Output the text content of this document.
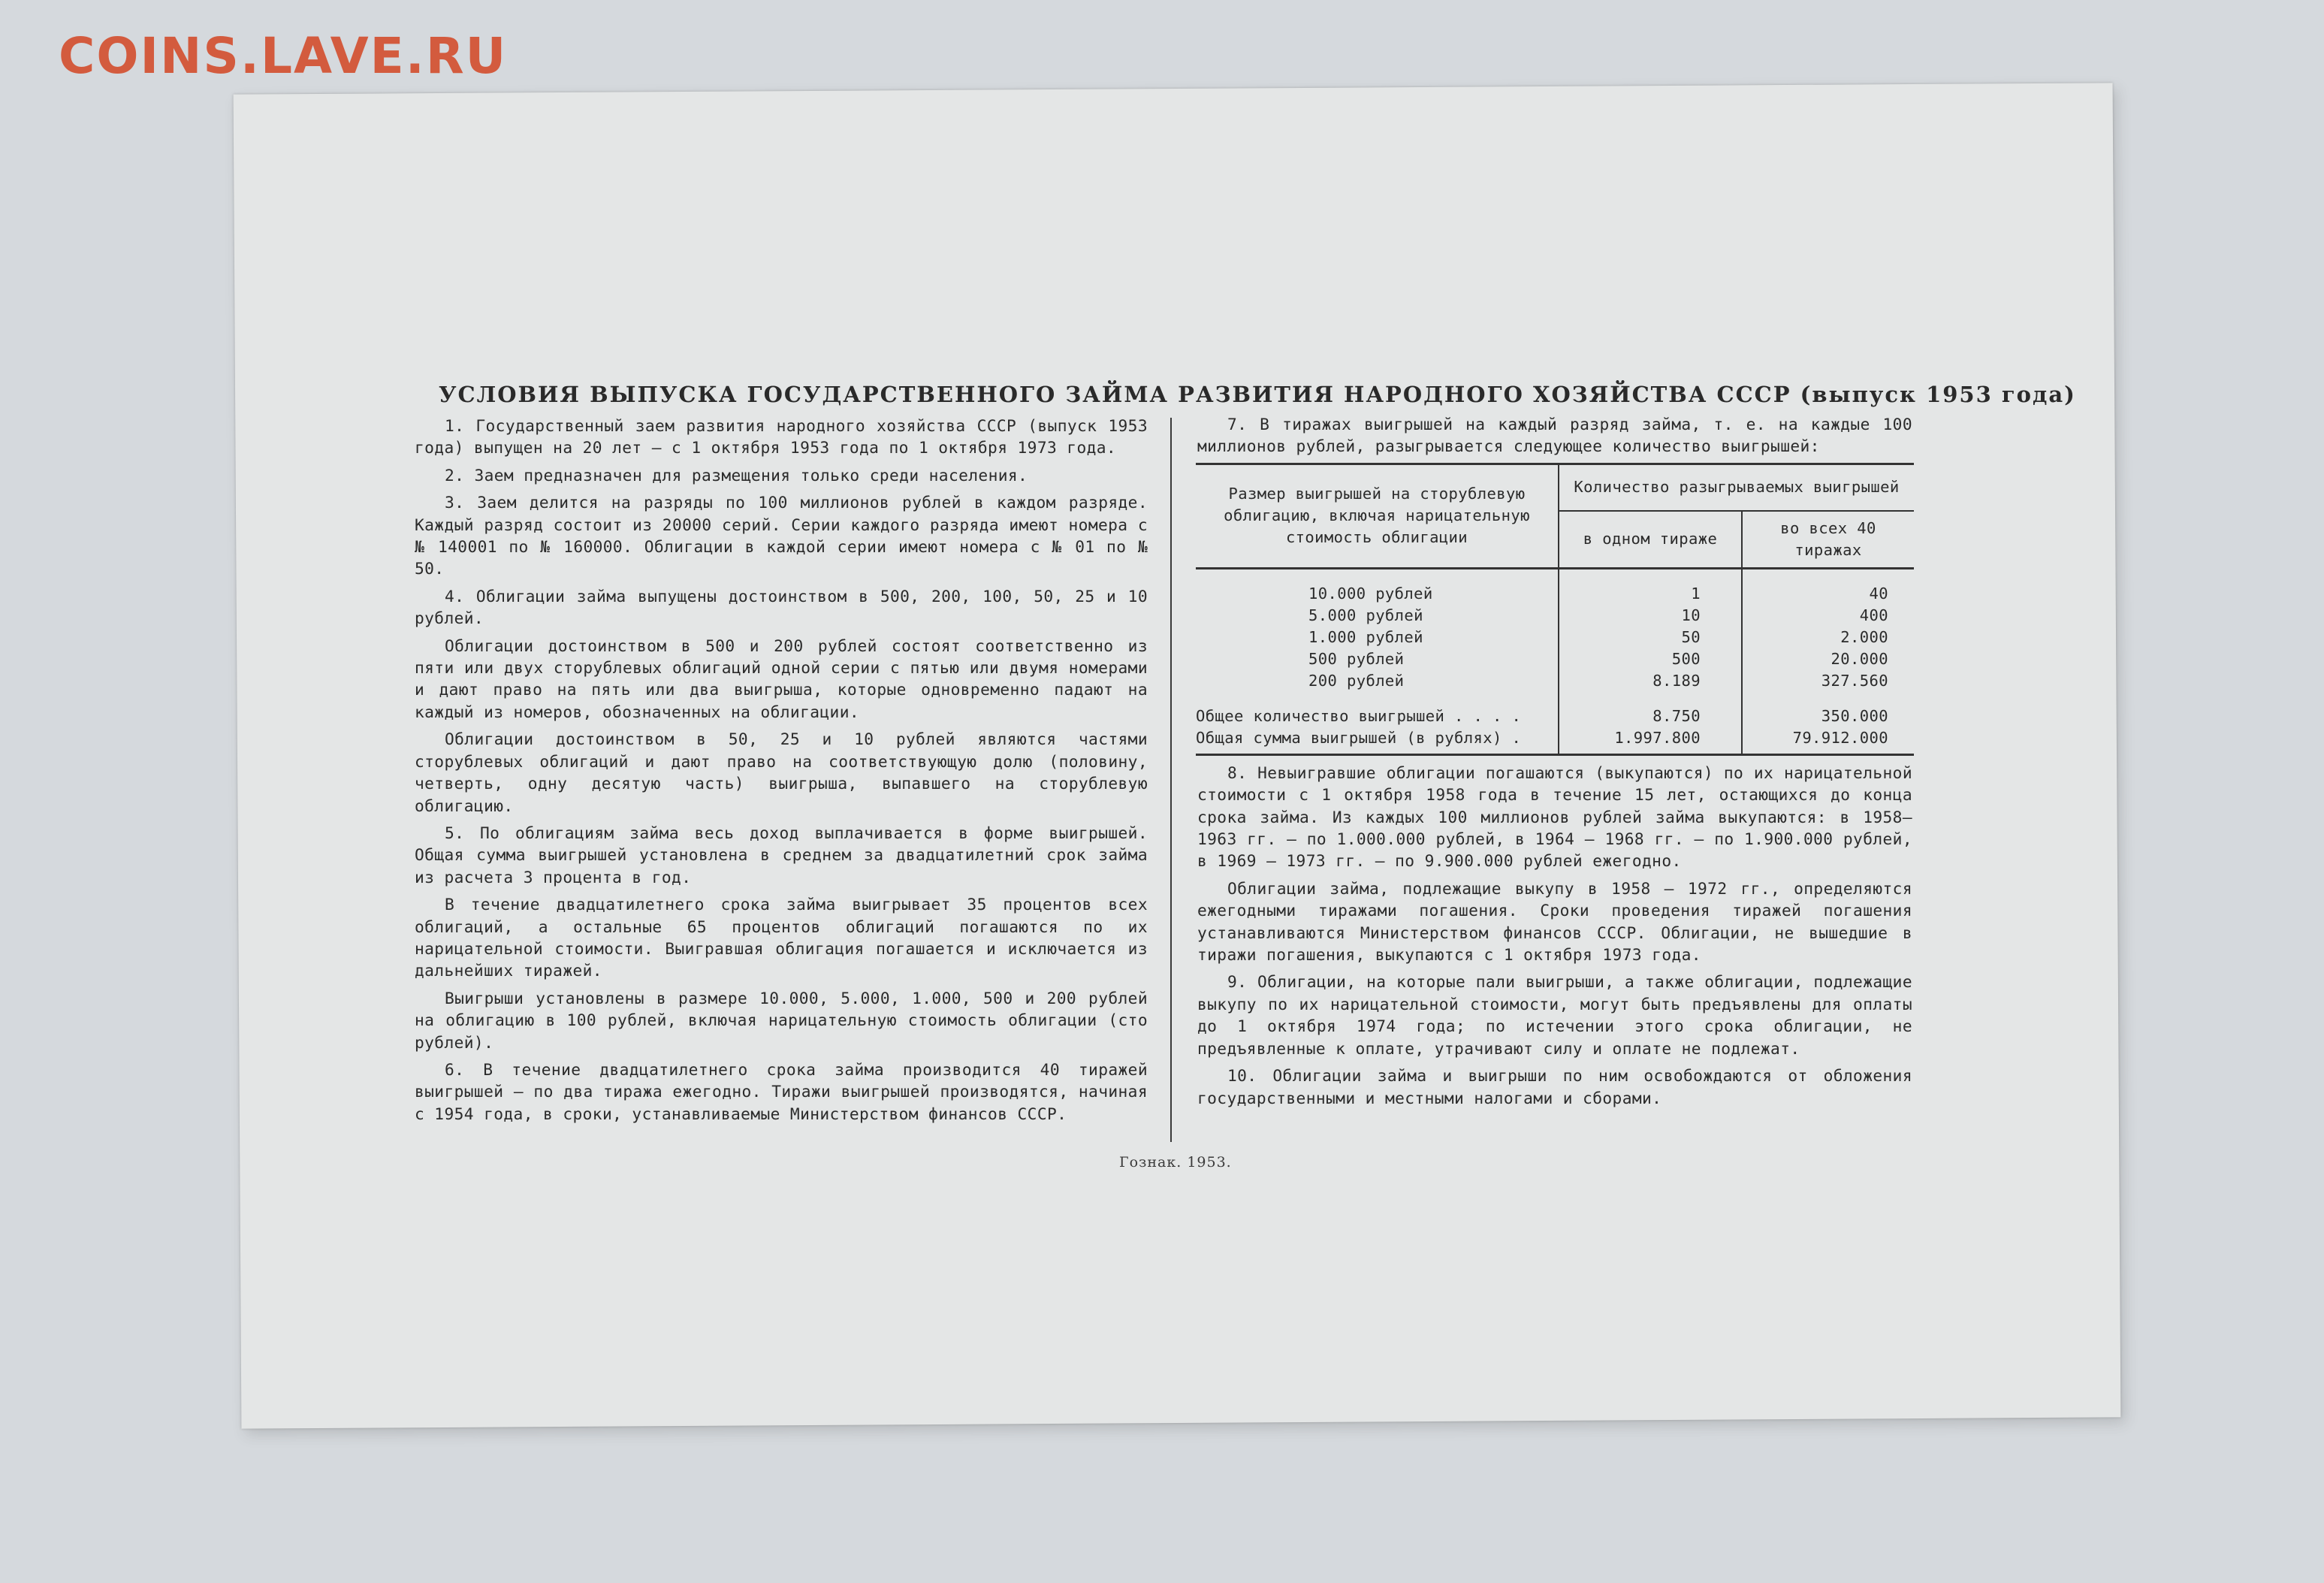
COINS.LAVE.RU
УСЛОВИЯ ВЫПУСКА ГОСУДАРСТВЕННОГО ЗАЙМА РАЗВИТИЯ НАРОДНОГО ХОЗЯЙСТВА СССР (выпуск 1953 года)

1. Государственный заем развития народного хозяйства СССР (выпуск 1953 года) выпущен на 20 лет — с 1 октября 1953 года по 1 октября 1973 года.

2. Заем предназначен для размещения только среди населения.

3. Заем делится на разряды по 100 миллионов рублей в каждом разряде. Каждый разряд состоит из 20000 серий. Серии каждого разряда имеют номера с № 140001 по № 160000. Облигации в каждой серии имеют номера с № 01 по № 50.

4. Облигации займа выпущены достоинством в 500, 200, 100, 50, 25 и 10 рублей.

Облигации достоинством в 500 и 200 рублей состоят соответственно из пяти или двух сторублевых облигаций одной серии с пятью или двумя номерами и дают право на пять или два выигрыша, которые одновременно падают на каждый из номеров, обозначенных на облигации.

Облигации достоинством в 50, 25 и 10 рублей являются частями сторублевых облигаций и дают право на соответствующую долю (половину, четверть, одну десятую часть) выигрыша, выпавшего на сторублевую облигацию.

5. По облигациям займа весь доход выплачивается в форме выигрышей. Общая сумма выигрышей установлена в среднем за двадцатилетний срок займа из расчета 3 процента в год.

В течение двадцатилетнего срока займа выигрывает 35 процентов всех облигаций, а остальные 65 процентов облигаций погашаются по их нарицательной стоимости. Выигравшая облигация погашается и исключается из дальнейших тиражей.

Выигрыши установлены в размере 10.000, 5.000, 1.000, 500 и 200 рублей на облигацию в 100 рублей, включая нарицательную стоимость облигации (сто рублей).

6. В течение двадцатилетнего срока займа производится 40 тиражей выигрышей — по два тиража ежегодно. Тиражи выигрышей производятся, начиная с 1954 года, в сроки, устанавливаемые Министерством финансов СССР.

7. В тиражах выигрышей на каждый разряд займа, т. е. на каждые 100 миллионов рублей, разыгрывается следующее количество выигрышей:

Размер выигрышей на сторублевую облигацию, включая нарицательную стоимость облигации	Количество разыгрываемых выигрышей	
	в одном тираже	во всех 40 тиражах

10.000 рублей	1	40
5.000 рублей	10	400
1.000 рублей	50	2.000
500 рублей	500	20.000
200 рублей	8.189	327.560

Общее количество выигрышей . . . .	8.750	350.000
Общая сумма выигрышей (в рублях) .	1.997.800	79.912.000

8. Невыигравшие облигации погашаются (выкупаются) по их нарицательной стоимости с 1 октября 1958 года в течение 15 лет, остающихся до конца срока займа. Из каждых 100 миллионов рублей займа выкупаются: в 1958—1963 гг. — по 1.000.000 рублей, в 1964 — 1968 гг. — по 1.900.000 рублей, в 1969 — 1973 гг. — по 9.900.000 рублей ежегодно.

Облигации займа, подлежащие выкупу в 1958 — 1972 гг., определяются ежегодными тиражами погашения. Сроки проведения тиражей погашения устанавливаются Министерством финансов СССР. Облигации, не вышедшие в тиражи погашения, выкупаются с 1 октября 1973 года.

9. Облигации, на которые пали выигрыши, а также облигации, подлежащие выкупу по их нарицательной стоимости, могут быть предъявлены для оплаты до 1 октября 1974 года; по истечении этого срока облигации, не предъявленные к оплате, утрачивают силу и оплате не подлежат.

10. Облигации займа и выигрыши по ним освобождаются от обложения государственными и местными налогами и сборами.

Гознак. 1953.
